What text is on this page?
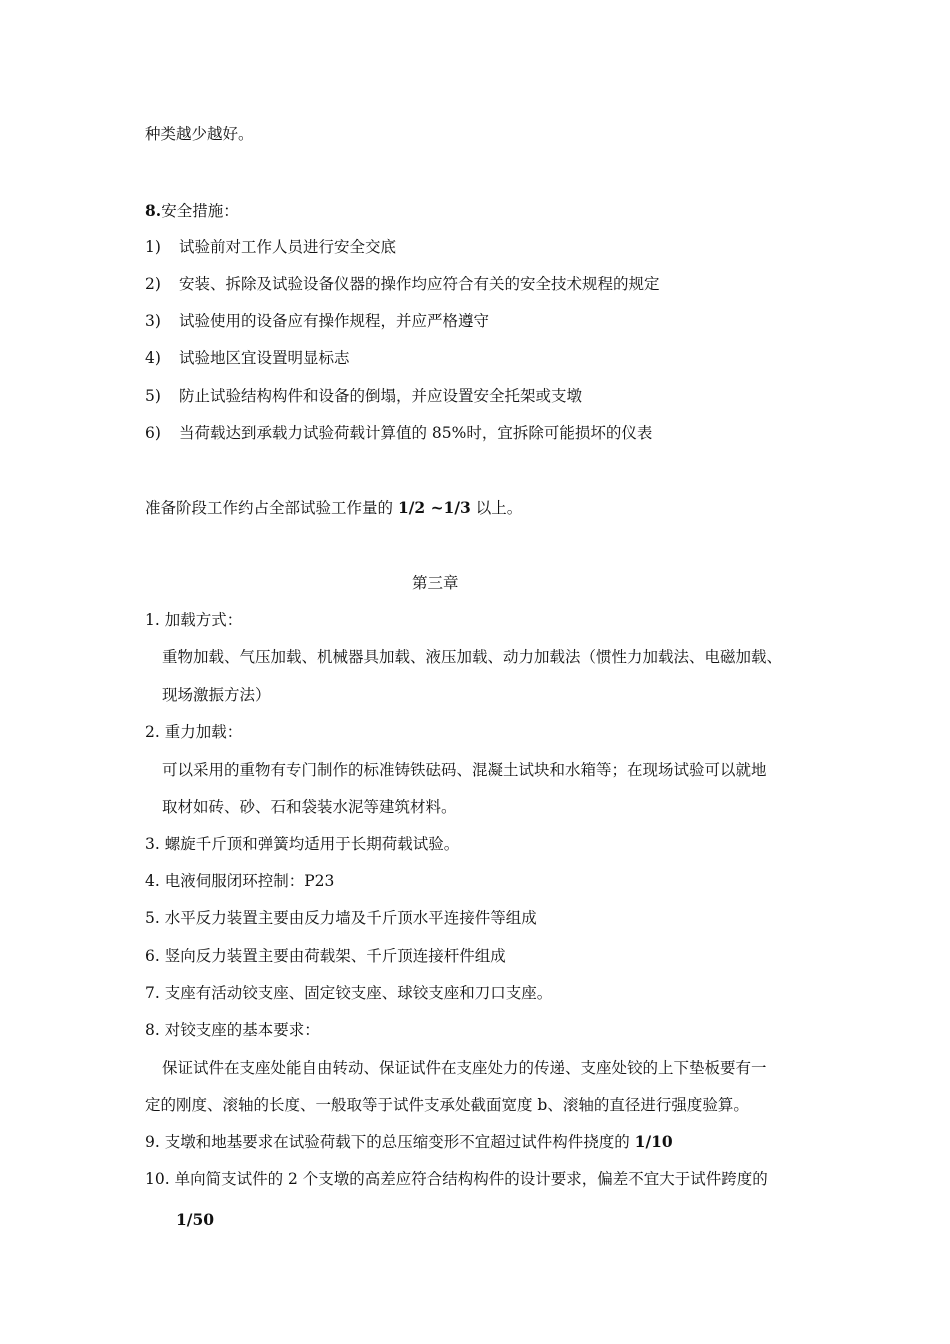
种类越少越好。
8.安全措施：
1) 试验前对工作人员进行安全交底
2) 安装、拆除及试验设备仪器的操作均应符合有关的安全技术规程的规定
3) 试验使用的设备应有操作规程，并应严格遵守
4) 试验地区宜设置明显标志
5) 防止试验结构构件和设备的倒塌，并应设置安全托架或支墩
6) 当荷载达到承载力试验荷载计算值的 85%时，宜拆除可能损坏的仪表
准备阶段工作约占全部试验工作量的 1/2 ~1/3 以上。
第三章
1. 加载方式：
重物加载、气压加载、机械器具加载、液压加载、动力加载法（惯性力加载法、电磁加载、
现场激振方法）
2. 重力加载：
可以采用的重物有专门制作的标准铸铁砝码、混凝土试块和水箱等；在现场试验可以就地
取材如砖、砂、石和袋装水泥等建筑材料。
3. 螺旋千斤顶和弹簧均适用于长期荷载试验。
4. 电液伺服闭环控制：P23
5. 水平反力装置主要由反力墙及千斤顶水平连接件等组成
6. 竖向反力装置主要由荷载架、千斤顶连接杆件组成
7. 支座有活动铰支座、固定铰支座、球铰支座和刀口支座。
8. 对铰支座的基本要求：
保证试件在支座处能自由转动、保证试件在支座处力的传递、支座处铰的上下垫板要有一
定的刚度、滚轴的长度、一般取等于试件支承处截面宽度 b、滚轴的直径进行强度验算。
9. 支墩和地基要求在试验荷载下的总压缩变形不宜超过试件构件挠度的 1/10
10. 单向简支试件的 2 个支墩的高差应符合结构构件的设计要求，偏差不宜大于试件跨度的
1/50
